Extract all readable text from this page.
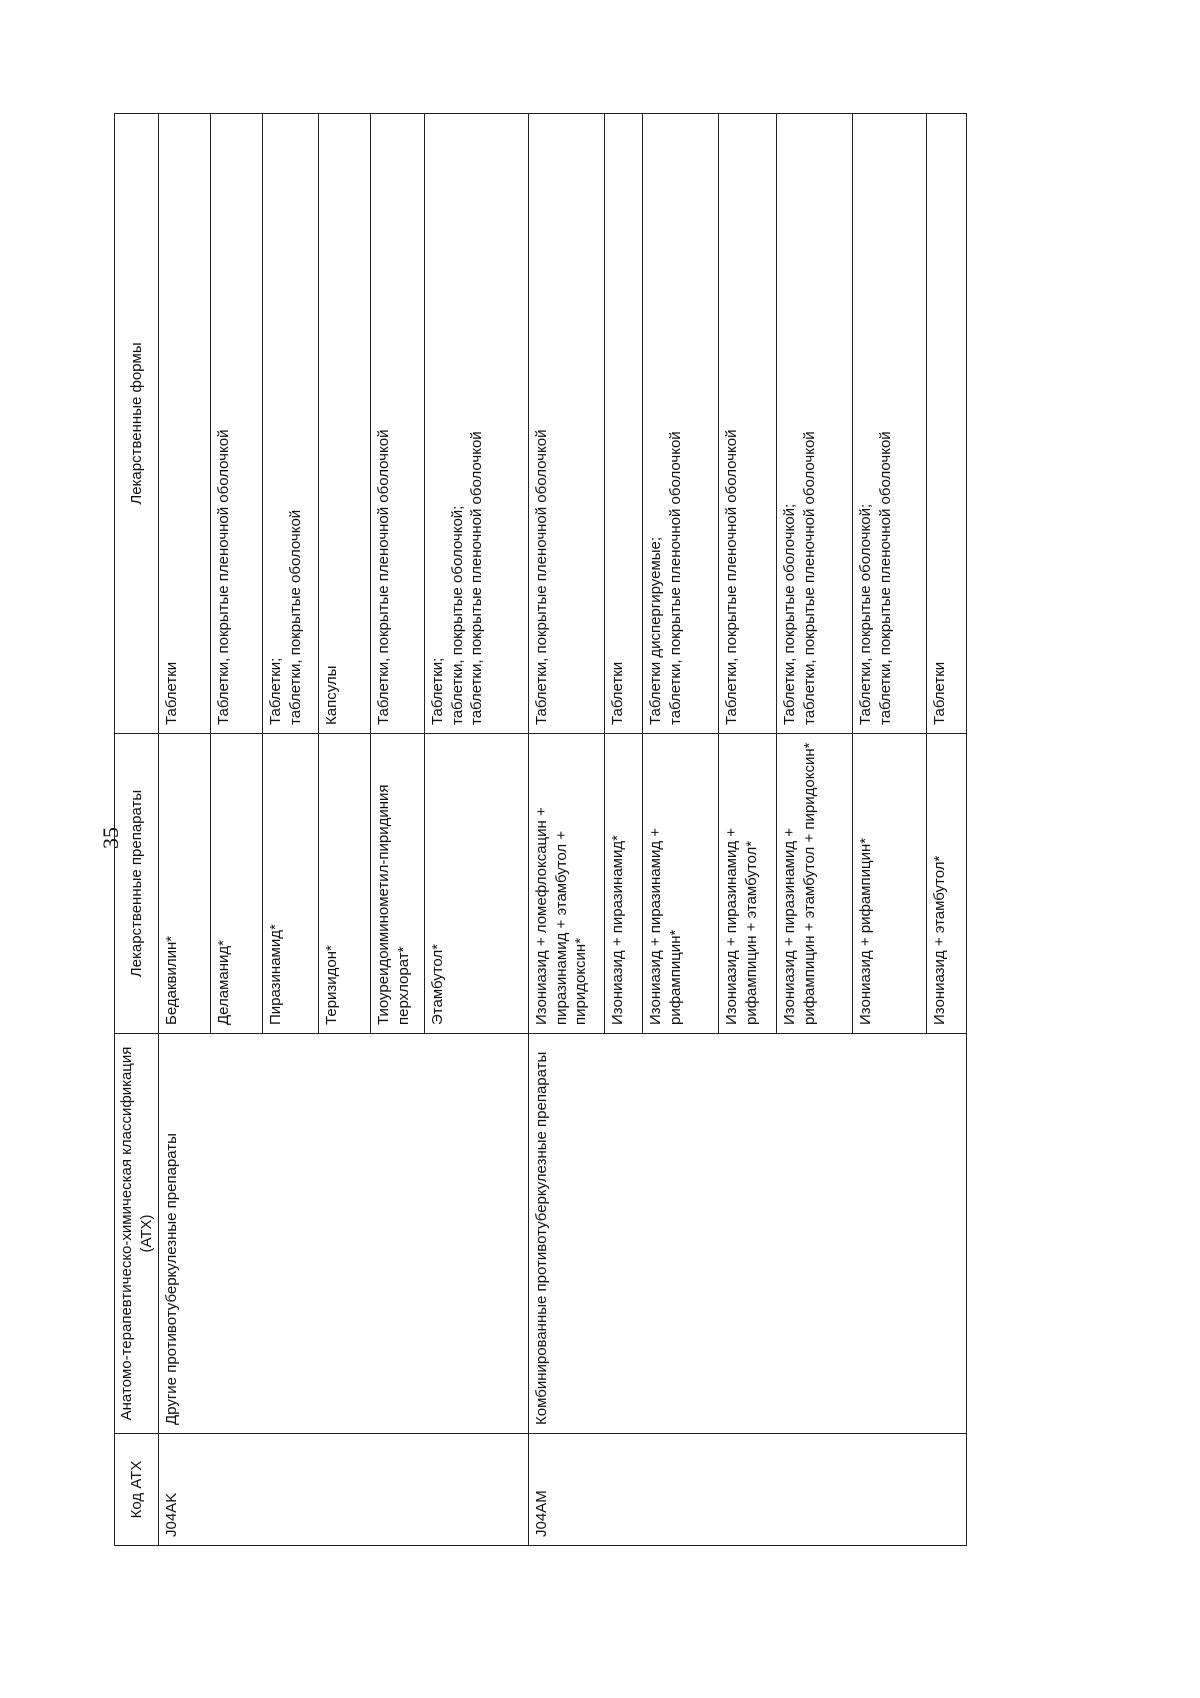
35
Код АТХ	Анатомо-терапевтическо-химическая классификация (АТХ)	Лекарственные препараты	Лекарственные формы
J04AK	Другие противотуберкулезные препараты	Бедаквилин*	Таблетки

		Деламанид*	Таблетки, покрытые пленочной оболочкой

		Пиразинамид*	Таблетки; таблетки, покрытые оболочкой

		Теризидон*	Капсулы

		Тиоуреидоиминометил-пиридиния перхлорат*	Таблетки, покрытые пленочной оболочкой

		Этамбутол*	Таблетки; таблетки, покрытые оболочкой; таблетки, покрытые пленочной оболочкой

J04AM	Комбинированные противотуберкулезные препараты	Изониазид + ломефлоксацин + пиразинамид + этамбутол + пиридоксин*	Таблетки, покрытые пленочной оболочкой

		Изониазид + пиразинамид*	Таблетки

		Изониазид + пиразинамид + рифампицин*	Таблетки диспергируемые; таблетки, покрытые пленочной оболочкой

		Изониазид + пиразинамид + рифампицин + этамбутол*	Таблетки, покрытые пленочной оболочкой

		Изониазид + пиразинамид + рифампицин + этамбутол + пиридоксин*	Таблетки, покрытые оболочкой; таблетки, покрытые пленочной оболочкой

		Изониазид + рифампицин*	Таблетки, покрытые оболочкой; таблетки, покрытые пленочной оболочкой

		Изониазид + этамбутол*	Таблетки
